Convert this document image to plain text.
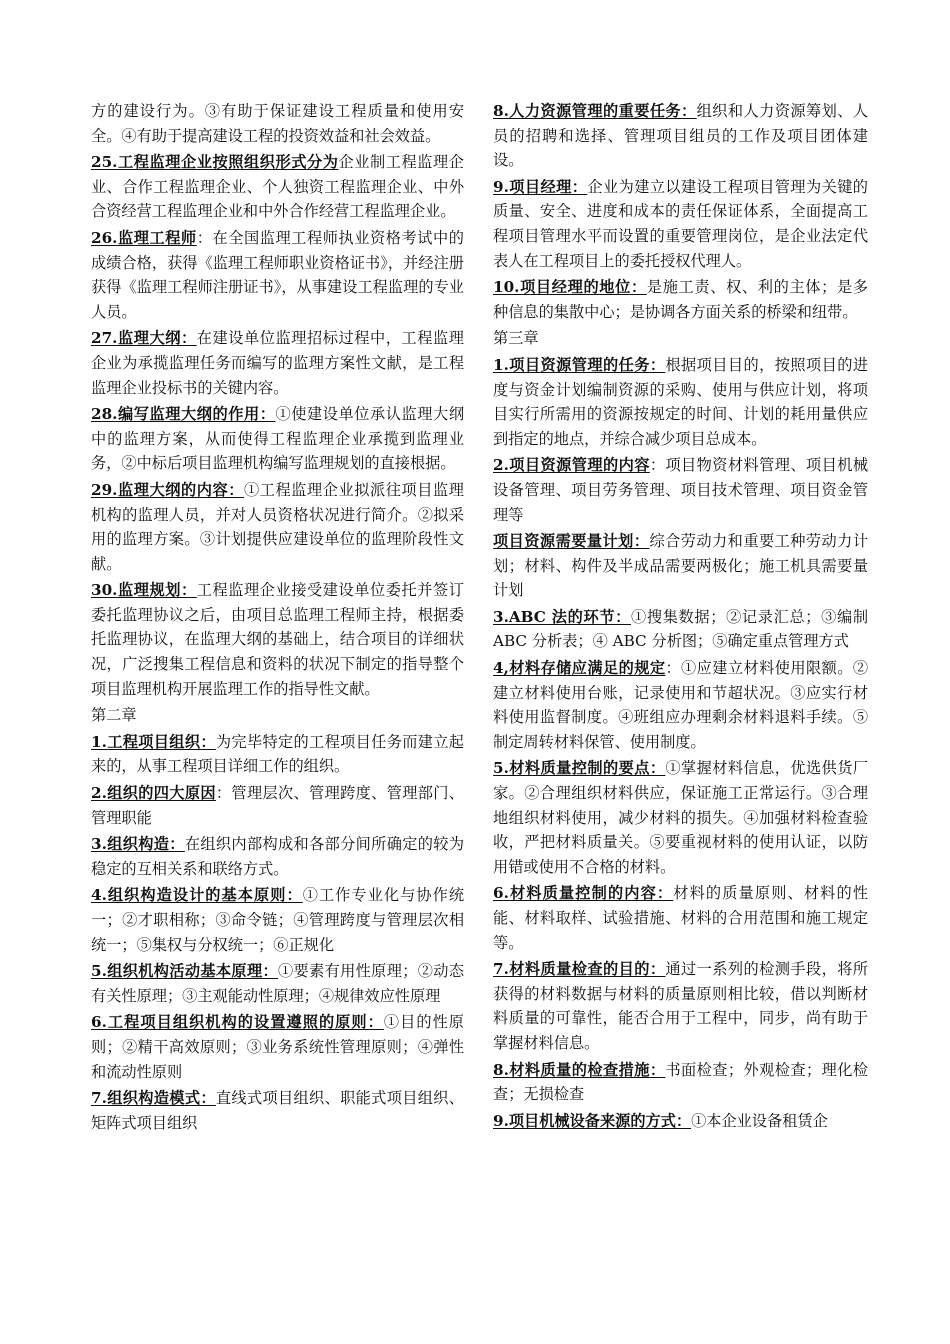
方的建设行为。③有助于保证建设工程质量和使用安全。④有助于提高建设工程的投资效益和社会效益。
25.工程监理企业按照组织形式分为企业制工程监理企业、合作工程监理企业、个人独资工程监理企业、中外合资经营工程监理企业和中外合作经营工程监理企业。
26.监理工程师：在全国监理工程师执业资格考试中的成绩合格，获得《监理工程师职业资格证书》，并经注册获得《监理工程师注册证书》，从事建设工程监理的专业人员。
27.监理大纲：在建设单位监理招标过程中，工程监理企业为承揽监理任务而编写的监理方案性文献，是工程监理企业投标书的关键内容。
28.编写监理大纲的作用：①使建设单位承认监理大纲中的监理方案，从而使得工程监理企业承揽到监理业务，②中标后项目监理机构编写监理规划的直接根据。
29.监理大纲的内容：①工程监理企业拟派往项目监理机构的监理人员，并对人员资格状况进行简介。②拟采用的监理方案。③计划提供应建设单位的监理阶段性文献。
30.监理规划：工程监理企业接受建设单位委托并签订委托监理协议之后，由项目总监理工程师主持，根据委托监理协议，在监理大纲的基础上，结合项目的详细状况，广泛搜集工程信息和资料的状况下制定的指导整个项目监理机构开展监理工作的指导性文献。
第二章
1.工程项目组织：为完毕特定的工程项目任务而建立起来的，从事工程项目详细工作的组织。
2.组织的四大原因：管理层次、管理跨度、管理部门、管理职能
3.组织构造：在组织内部构成和各部分间所确定的较为稳定的互相关系和联络方式。
4.组织构造设计的基本原则：①工作专业化与协作统一；②才职相称；③命令链；④管理跨度与管理层次相统一；⑤集权与分权统一；⑥正规化
5.组织机构活动基本原理：①要素有用性原理；②动态有关性原理；③主观能动性原理；④规律效应性原理
6.工程项目组织机构的设置遵照的原则：①目的性原则；②精干高效原则；③业务系统性管理原则；④弹性和流动性原则
7.组织构造模式：直线式项目组织、职能式项目组织、矩阵式项目组织
8.人力资源管理的重要任务：组织和人力资源筹划、人员的招聘和选择、管理项目组员的工作及项目团体建设。
9.项目经理：企业为建立以建设工程项目管理为关键的质量、安全、进度和成本的责任保证体系，全面提高工程项目管理水平而设置的重要管理岗位，是企业法定代表人在工程项目上的委托授权代理人。
10.项目经理的地位：是施工责、权、利的主体；是多种信息的集散中心；是协调各方面关系的桥梁和纽带。
第三章
1.项目资源管理的任务：根据项目目的，按照项目的进度与资金计划编制资源的采购、使用与供应计划，将项目实行所需用的资源按规定的时间、计划的耗用量供应到指定的地点，并综合减少项目总成本。
2.项目资源管理的内容：项目物资材料管理、项目机械设备管理、项目劳务管理、项目技术管理、项目资金管理等
项目资源需要量计划：综合劳动力和重要工种劳动力计划；材料、构件及半成品需要两极化；施工机具需要量计划
3.ABC 法的环节：①搜集数据；②记录汇总；③编制 ABC 分析表；④ ABC 分析图；⑤确定重点管理方式
4,材料存储应满足的规定：①应建立材料使用限额。②建立材料使用台账，记录使用和节超状况。③应实行材料使用监督制度。④班组应办理剩余材料退料手续。⑤制定周转材料保管、使用制度。
5.材料质量控制的要点：①掌握材料信息，优选供货厂家。②合理组织材料供应，保证施工正常运行。③合理地组织材料使用，减少材料的损失。④加强材料检查验收，严把材料质量关。⑤要重视材料的使用认证，以防用错或使用不合格的材料。
6.材料质量控制的内容：材料的质量原则、材料的性能、材料取样、试验措施、材料的合用范围和施工规定等。
7.材料质量检查的目的：通过一系列的检测手段，将所获得的材料数据与材料的质量原则相比较，借以判断材料质量的可靠性，能否合用于工程中，同步，尚有助于掌握材料信息。
8.材料质量的检查措施：书面检查；外观检查；理化检查；无损检查
9.项目机械设备来源的方式：①本企业设备租赁企
